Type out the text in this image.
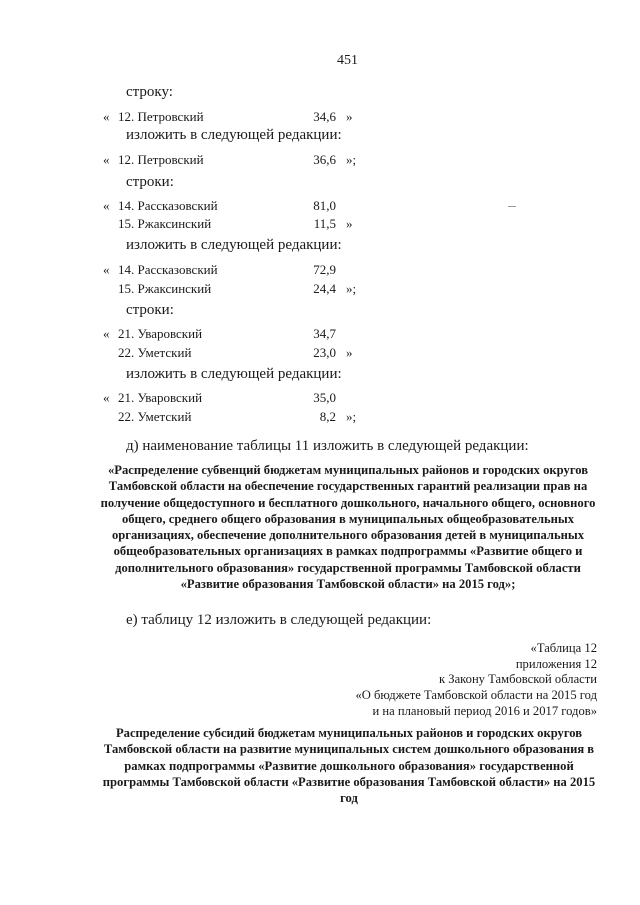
451
строку:
« 12. Петровский	34,6 »
изложить в следующей редакции:
« 12. Петровский	36,6 »;
строки:
« 14. Рассказовский	81,0
15. Ржаксинский	11,5 »
изложить в следующей редакции:
« 14. Рассказовский	72,9
15. Ржаксинский	24,4 »;
строки:
« 21. Уваровский	34,7
22. Уметский	23,0 »
изложить в следующей редакции:
« 21. Уваровский	35,0
22. Уметский	8,2 »;
д) наименование таблицы 11 изложить в следующей редакции:
«Распределение субвенций бюджетам муниципальных районов и городских округов Тамбовской области на обеспечение государственных гарантий реализации прав на получение общедоступного и бесплатного дошкольного, начального общего, основного общего, среднего общего образования в муниципальных общеобразовательных организациях, обеспечение дополнительного образования детей в муниципальных общеобразовательных организациях в рамках подпрограммы «Развитие общего и дополнительного образования» государственной программы Тамбовской области «Развитие образования Тамбовской области» на 2015 год»;
е) таблицу 12 изложить в следующей редакции:
«Таблица 12
приложения 12
к Закону Тамбовской области
«О бюджете Тамбовской области на 2015 год
и на плановый период 2016 и 2017 годов»
Распределение субсидий бюджетам муниципальных районов и городских округов Тамбовской области на развитие муниципальных систем дошкольного образования в рамках подпрограммы «Развитие дошкольного образования» государственной программы Тамбовской области «Развитие образования Тамбовской области» на 2015 год
